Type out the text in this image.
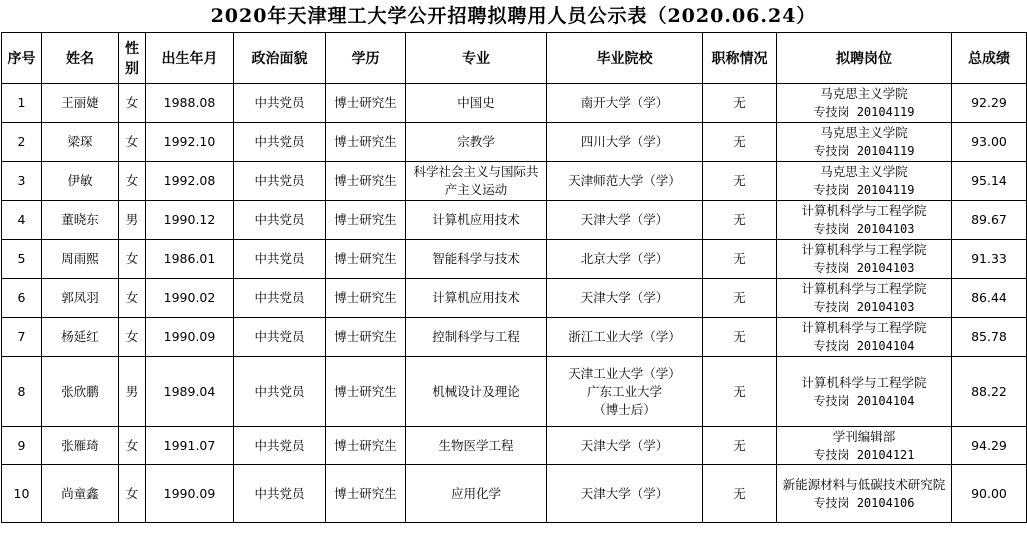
2020年天津理工大学公开招聘拟聘用人员公示表（2020.06.24）
序号	姓名	性别	出生年月	政治面貌	学历	专业	毕业院校	职称情况	拟聘岗位	总成绩
1	王丽婕	女	1988.08	中共党员	博士研究生	中国史	南开大学（学）	无	马克思主义学院
专技岗 20104119	92.29
2	梁琛	女	1992.10	中共党员	博士研究生	宗教学	四川大学（学）	无	马克思主义学院
专技岗 20104119	93.00
3	伊敏	女	1992.08	中共党员	博士研究生	科学社会主义与国际共产主义运动	天津师范大学（学）	无	马克思主义学院
专技岗 20104119	95.14
4	董晓东	男	1990.12	中共党员	博士研究生	计算机应用技术	天津大学（学）	无	计算机科学与工程学院
专技岗 20104103	89.67
5	周雨熙	女	1986.01	中共党员	博士研究生	智能科学与技术	北京大学（学）	无	计算机科学与工程学院
专技岗 20104103	91.33
6	郭凤羽	女	1990.02	中共党员	博士研究生	计算机应用技术	天津大学（学）	无	计算机科学与工程学院
专技岗 20104103	86.44
7	杨延红	女	1990.09	中共党员	博士研究生	控制科学与工程	浙江工业大学（学）	无	计算机科学与工程学院
专技岗 20104104	85.78
8	张欣鹏	男	1989.04	中共党员	博士研究生	机械设计及理论	天津工业大学（学）
广东工业大学
（博士后）	无	计算机科学与工程学院
专技岗 20104104	88.22
9	张雁琦	女	1991.07	中共党员	博士研究生	生物医学工程	天津大学（学）	无	学刊编辑部
专技岗 20104121	94.29
10	尚童鑫	女	1990.09	中共党员	博士研究生	应用化学	天津大学（学）	无	新能源材料与低碳技术研究院
专技岗 20104106	90.00
